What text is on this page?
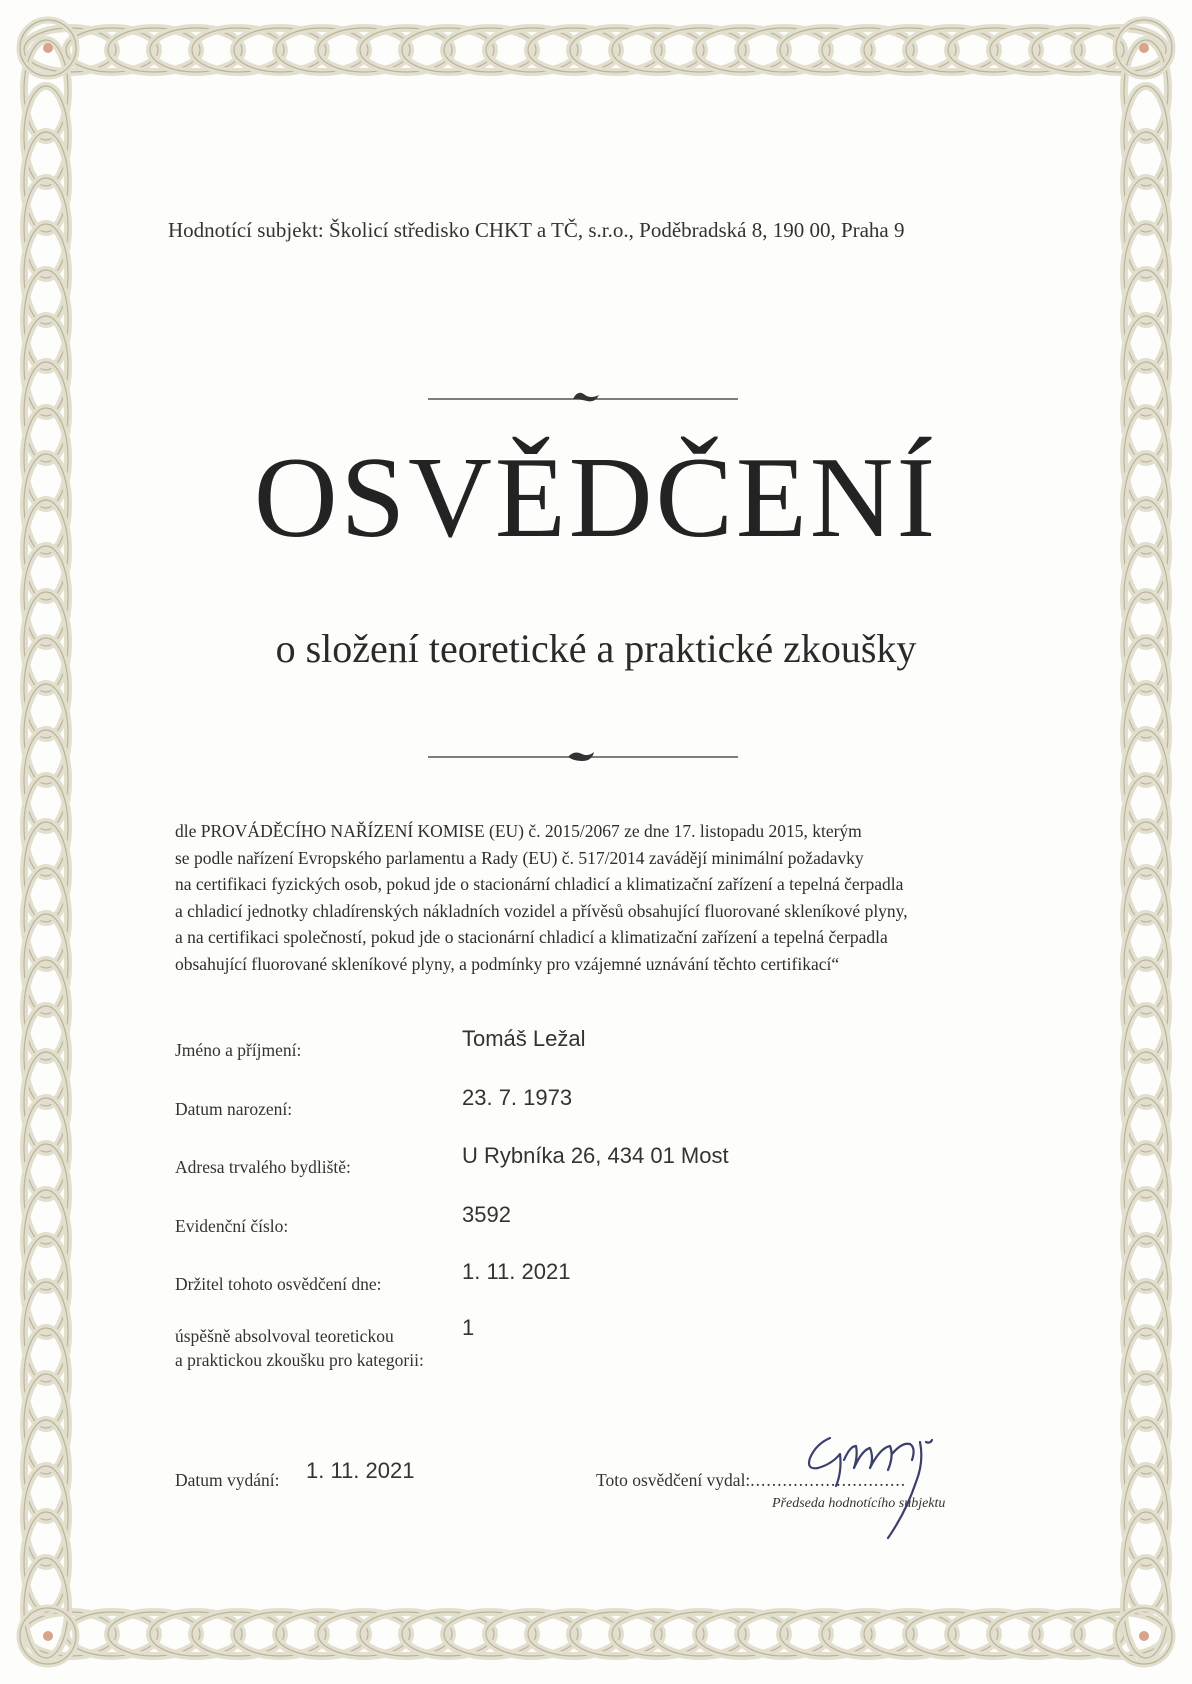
Hodnotící subjekt: Školicí středisko CHKT a TČ, s.r.o., Poděbradská 8, 190 00, Praha 9
OSVĚDČENÍ
o složení teoretické a praktické zkoušky
dle PROVÁDĚCÍHO NAŘÍZENÍ KOMISE (EU) č. 2015/2067 ze dne 17. listopadu 2015, kterým
se podle nařízení Evropského parlamentu a Rady (EU) č. 517/2014 zavádějí minimální požadavky
na certifikaci fyzických osob, pokud jde o stacionární chladicí a klimatizační zařízení a tepelná čerpadla
a chladicí jednotky chladírenských nákladních vozidel a přívěsů obsahující fluorované skleníkové plyny,
a na certifikaci společností, pokud jde o stacionární chladicí a klimatizační zařízení a tepelná čerpadla
obsahující fluorované skleníkové plyny, a podmínky pro vzájemné uznávání těchto certifikací“
Jméno a příjmení:	Tomáš Ležal
Datum narození:	23. 7. 1973
Adresa trvalého bydliště:	U Rybníka 26, 434 01 Most
Evidenční číslo:	3592
Držitel tohoto osvědčení dne:	1. 11. 2021
úspěšně absolvoval teoretickou
a praktickou zkoušku pro kategorii:
1
Datum vydání: 1. 11. 2021	Toto osvědčení vydal:.............................
Předseda hodnotícího subjektu
